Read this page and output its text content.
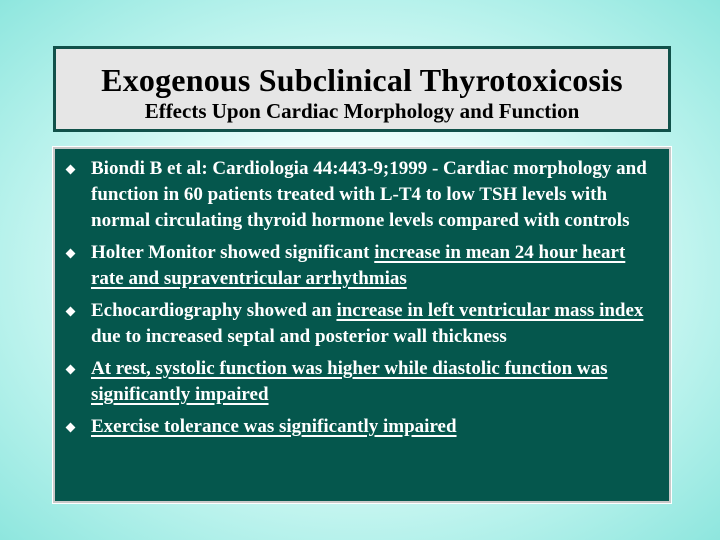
Exogenous Subclinical Thyrotoxicosis
Effects Upon Cardiac Morphology and Function
Biondi B et al: Cardiologia 44:443-9;1999 - Cardiac morphology and function in 60 patients treated with L-T4 to low TSH levels with normal circulating thyroid hormone levels compared with controls
Holter Monitor showed significant increase in mean 24 hour heart rate and supraventricular arrhythmias
Echocardiography showed an increase in left ventricular mass index due to increased septal and posterior wall thickness
At rest, systolic function was higher while diastolic function was significantly impaired
Exercise tolerance was significantly impaired
